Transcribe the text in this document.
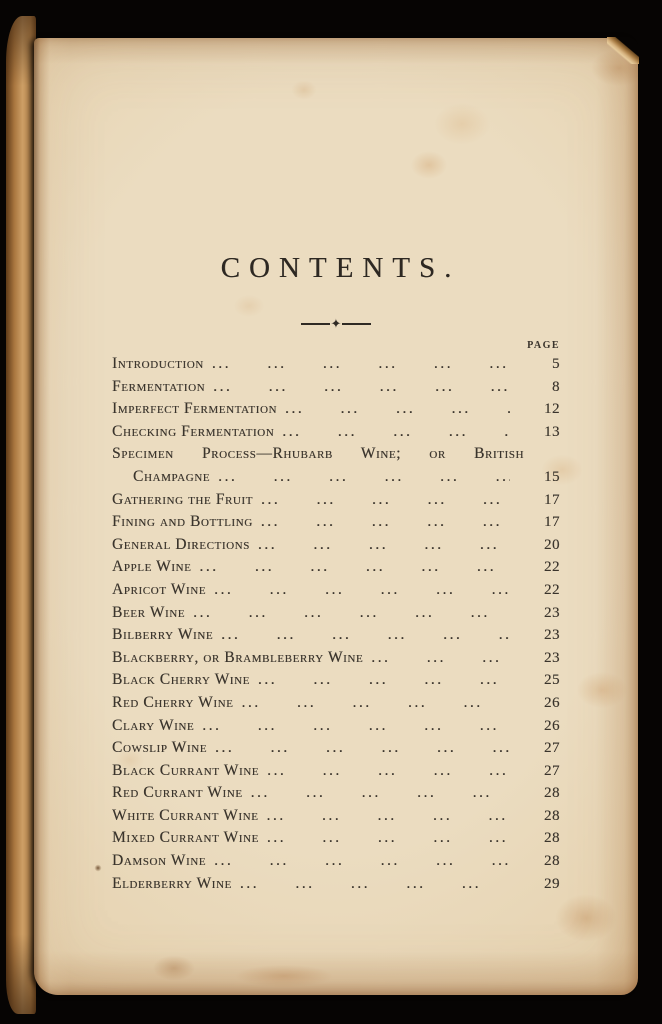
CONTENTS.
✦
PAGE
Introduction ... .	5
Fermentation ... .	8
Imperfect Fermentation ... .	12
Checking Fermentation ... .	13
Specimen Process—Rhubarb Wine; or British
Champagne ... .	15
Gathering the Fruit ... .	17
Fining and Bottling ... .	17
General Directions ... .	20
Apple Wine ... .	22
Apricot Wine ... .	22
Beer Wine ... .	23
Bilberry Wine ... .	23
Blackberry, or Brambleberry Wine ... .	23
Black Cherry Wine ... .	25
Red Cherry Wine ... .	26
Clary Wine ... .	26
Cowslip Wine ... .	27
Black Currant Wine ... .	27
Red Currant Wine ... .	28
White Currant Wine ... .	28
Mixed Currant Wine ... .	28
Damson Wine ... .	28
Elderberry Wine ... .	29
